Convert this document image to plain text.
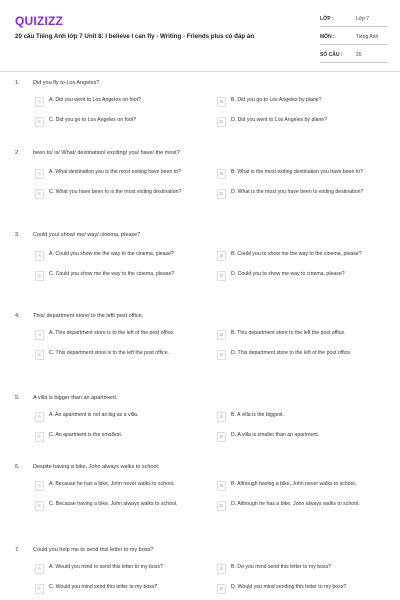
QUIZIZZ
20 câu Tiếng Anh lớp 7 Unit 8: I believe I can fly - Writing - Friends plus có đáp án
LỚP :	Lớp 7
MÔN :	Tiếng Anh
SỐ CÂU :	20
1. Did you fly to Los Angeles?
A	A. Did you went to Los Angeles on foot?	B	B. Did you go to Los Angeles by plane?
C	C. Did you go to Los Angeles on foot?	D	D. Did you went to Los Angeles by plane?
2. been to/ is/ What/ destination/ exciting/ you/ have/ the most?
A	A. What destination you is the most exiting have been to?	B	B. What is the most exiting destination you have been to?
C	C. What you have been to is the most exiting destination?	D	D. What is the most you have been to exiting destination?
3. Could you/ show/ me/ way/ cinema, please?
A	A. Could you show me the way to the cinema, please?	B	B. Could you to show me the way to the cinema, please?
C	C. Could you show me the way to the cinema, please?	D	D. Could you to show me way to cinema, please?
4. This/ department store/ to the left/ post office.
A	A. This department store is to the left of the post office.	B	B. This department store to the left the post office.
C	C. This department store is to the left the post office.	D	D. This department store to the left of the post office.
5. A villa is bigger than an apartment.
A	A. An apartment is not as big as a villa.	B	B. A villa is the biggest.
C	C. An apartment is the smallest.	D	D. A villa is smaller than an apartment.
6. Despite having a bike, John always walks to school.
A	A. Because he has a bike, John never walks to school.	B	B. Although having a bike, John never walks to school.
C	C. Because having a bike, John always walks to school.	D	D. Although he has a bike, John always walks to school.
7. Could you help me to send this letter to my boss?
A	A. Would you mind to send this letter to my boss?	B	B. Do you mind send this letter to my boss?
C	C. Would you mind send this letter to my boss?	D	D. Would you mind sending this letter to my boss?
